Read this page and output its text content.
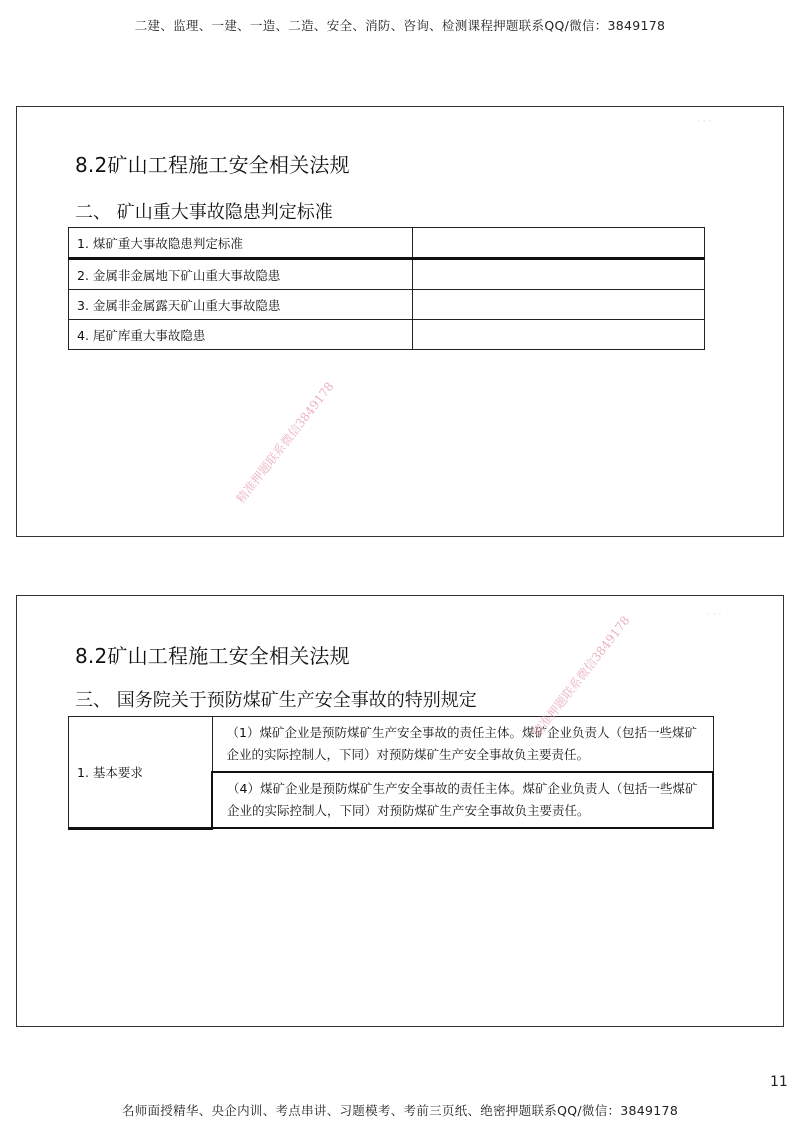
二建、监理、一建、一造、二造、安全、消防、咨询、检测课程押题联系QQ/微信：3849178
8.2矿山工程施工安全相关法规
二、 矿山重大事故隐患判定标准
1. 煤矿重大事故隐患判定标准	
2. 金属非金属地下矿山重大事故隐患	
3. 金属非金属露天矿山重大事故隐患	
4. 尾矿库重大事故隐患	
· · ·
8.2矿山工程施工安全相关法规
三、 国务院关于预防煤矿生产安全事故的特别规定
1. 基本要求	（1）煤矿企业是预防煤矿生产安全事故的责任主体。煤矿企业负责人（包括一些煤矿企业的实际控制人，下同）对预防煤矿生产安全事故负主要责任。
（4）煤矿企业是预防煤矿生产安全事故的责任主体。煤矿企业负责人（包括一些煤矿企业的实际控制人，下同）对预防煤矿生产安全事故负主要责任。
· · ·
精准押题联系微信3849178
精准押题联系微信3849178
11
名师面授精华、央企内训、考点串讲、习题模考、考前三页纸、绝密押题联系QQ/微信：3849178
